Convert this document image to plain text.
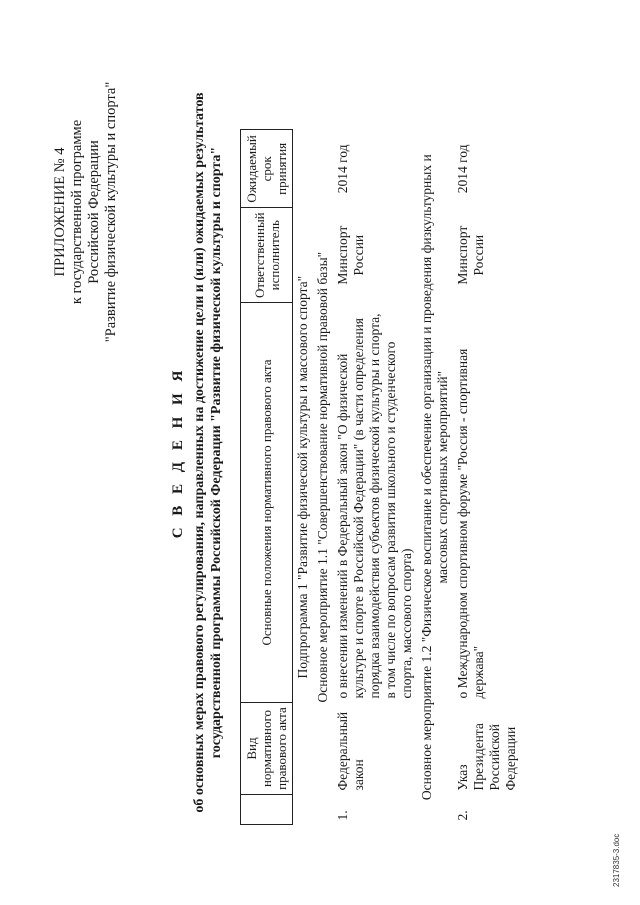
ПРИЛОЖЕНИЕ № 4 к государственной программе Российской Федерации "Развитие физической культуры и спорта"
С В Е Д Е Н И Я об основных мерах правового регулирования, направленных на достижение цели и (или) ожидаемых результатов государственной программы Российской Федерации "Развитие физической культуры и спорта"
	Вид нормативного правового акта	Основные положения нормативного правового акта	Ответственный исполнитель	Ожидаемый срок принятия
Подпрограмма 1 "Развитие физической культуры и массового спорта"				
Основное мероприятие 1.1 "Совершенствование нормативной правовой базы"				
1.	Федеральный закон	о внесении изменений в Федеральный закон "О физической культуре и спорте в Российской Федерации" (в части определения порядка взаимодействия субъектов физической культуры и спорта, в том числе по вопросам развития школьного и студенческого спорта, массового спорта)	Минспорт России	2014 год
Основное мероприятие 1.2 "Физическое воспитание и обеспечение организации и проведения физкультурных и массовых спортивных мероприятий"				
2.	Указ Президента Российской Федерации	о Международном спортивном форуме "Россия - спортивная держава"	Минспорт России	2014 год
2317835-3.doc
